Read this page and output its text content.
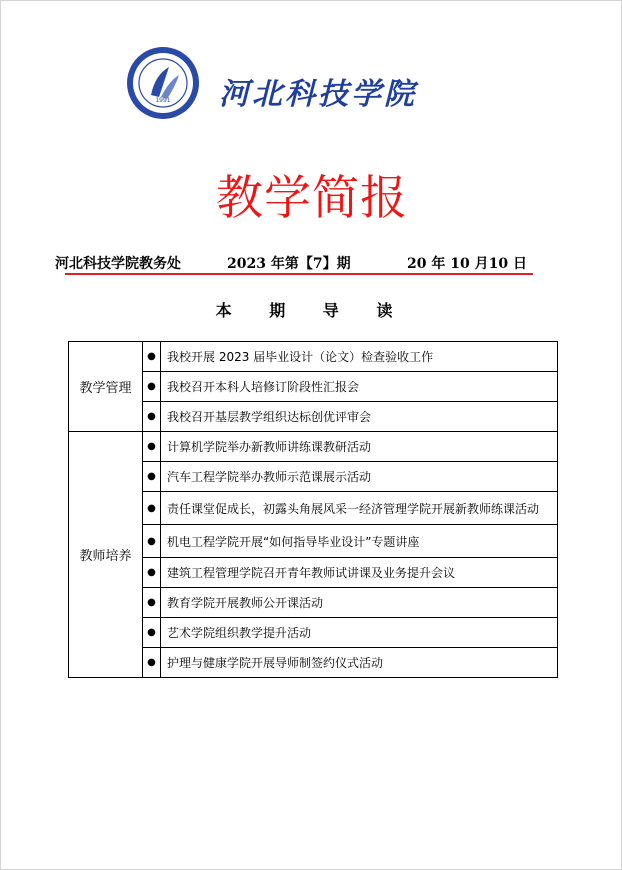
1991 河北科技学院
教学简报
河北科技学院教务处	2023 年第【7】期	20 年 10 月10 日
本 期 导 读
教学管理	●	我校开展 2023 届毕业设计（论文）检查验收工作
	●	我校召开本科人培修订阶段性汇报会
	●	我校召开基层教学组织达标创优评审会
教师培养	●	计算机学院举办新教师讲练课教研活动
	●	汽车工程学院举办教师示范课展示活动
	●	责任课堂促成长，初露头角展风采一经济管理学院开展新教师练课活动
	●	机电工程学院开展“如何指导毕业设计”专题讲座
	●	建筑工程管理学院召开青年教师试讲课及业务提升会议
	●	教育学院开展教师公开课活动
	●	艺术学院组织教学提升活动
	●	护理与健康学院开展导师制签约仪式活动
